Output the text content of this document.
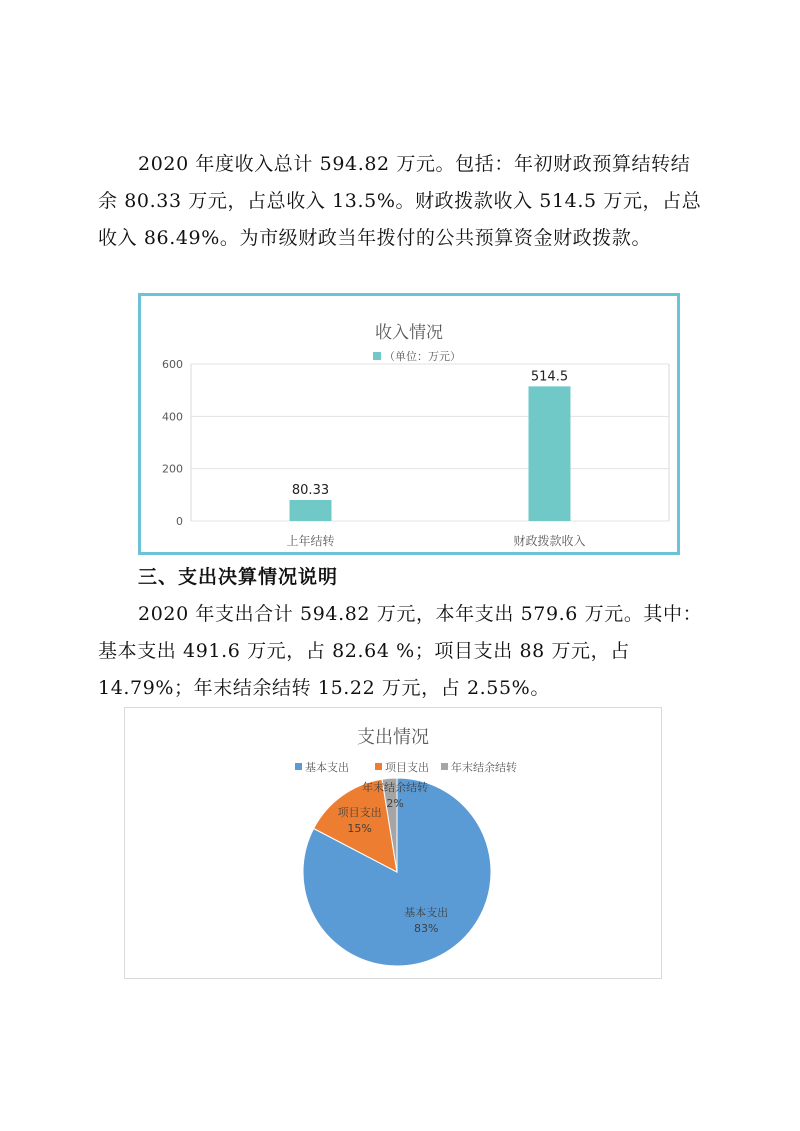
2020 年度收入总计 594.82 万元。包括：年初财政预算结转结余 80.33 万元，占总收入 13.5%。财政拨款收入 514.5 万元，占总收入 86.49%。为市级财政当年拨付的公共预算资金财政拨款。

收入情况
（单位：万元）
0
200
400
600
80.33
514.5
上年结转	财政拨款收入
三、支出决算情况说明

2020 年支出合计 594.82 万元，本年支出 579.6 万元。其中：基本支出 491.6 万元，占 82.64 %；项目支出 88 万元，占 14.79%；年末结余结转 15.22 万元，占 2.55%。

支出情况
基本支出	项目支出 年末结余结转
基本支出
83%
项目支出
15%
年末结余结转
2%
